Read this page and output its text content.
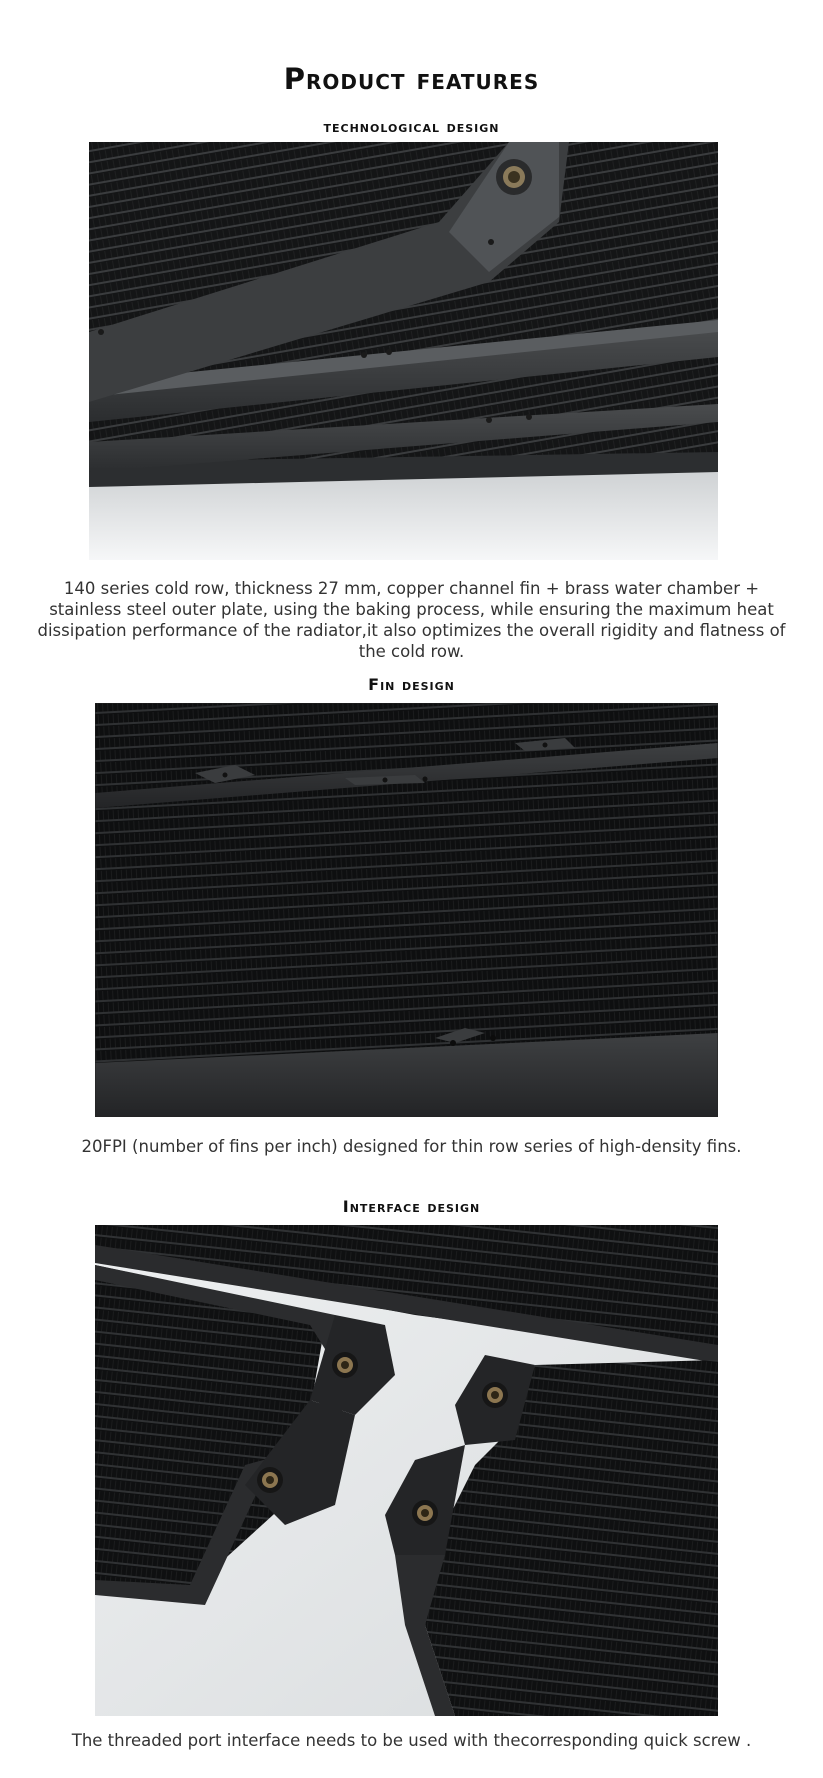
Product features
technological design
140 series cold row, thickness 27 mm, copper channel fin + brass water chamber + stainless steel outer plate, using the baking process, while ensuring the maximum heat dissipation performance of the radiator,it also optimizes the overall rigidity and flatness of the cold row.
Fin design
20FPI (number of fins per inch) designed for thin row series of high-density fins.
Interface design
The threaded port interface needs to be used with thecorresponding quick screw .
